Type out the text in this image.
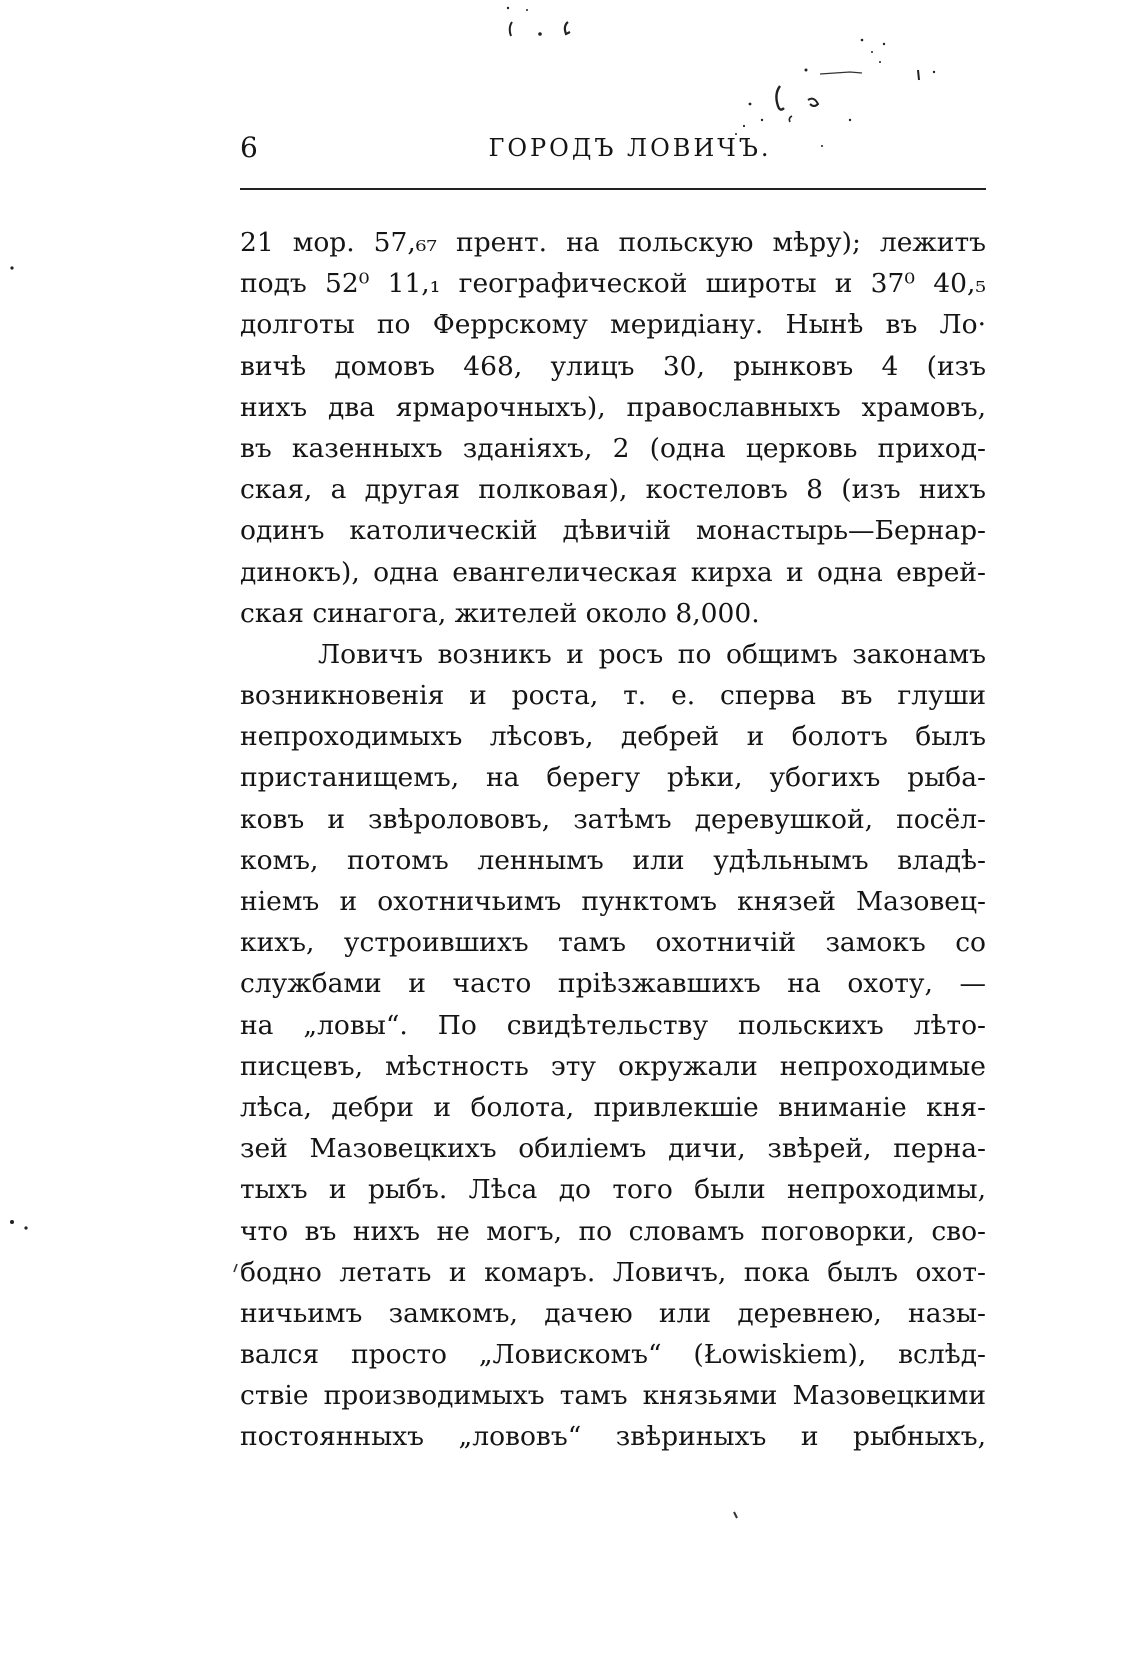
6	ГОРОДЪ ЛОВИЧЪ.
21 мор. 57,₆₇ прент. на польскую мѣру); лежитъ
подъ 52⁰ 11,₁ географической широты и 37⁰ 40,₅
долготы по Феррскому меридіану. Нынѣ въ Ло·
вичѣ домовъ 468, улицъ 30, рынковъ 4 (изъ
нихъ два ярмарочныхъ), православныхъ храмовъ,
въ казенныхъ зданіяхъ, 2 (одна церковь приход-
ская, а другая полковая), костеловъ 8 (изъ нихъ
одинъ католическій дѣвичій монастырь—Бернар-
динокъ), одна евангелическая кирха и одна еврей-
ская синагога, жителей около 8,000.
Ловичъ возникъ и росъ по общимъ законамъ
возникновенія и роста, т. е. сперва въ глуши
непроходимыхъ лѣсовъ, дебрей и болотъ былъ
пристанищемъ, на берегу рѣки, убогихъ рыба-
ковъ и звѣролововъ, затѣмъ деревушкой, посёл-
комъ, потомъ леннымъ или удѣльнымъ владѣ-
ніемъ и охотничьимъ пунктомъ князей Мазовец-
кихъ, устроившихъ тамъ охотничій замокъ со
службами и часто пріѣзжавшихъ на охоту, —
на „ловы“. По свидѣтельству польскихъ лѣто-
писцевъ, мѣстность эту окружали непроходимые
лѣса, дебри и болота, привлекшіе вниманіе кня-
зей Мазовецкихъ обиліемъ дичи, звѣрей, перна-
тыхъ и рыбъ. Лѣса до того были непроходимы,
что въ нихъ не могъ, по словамъ поговорки, сво-
бодно летать и комаръ. Ловичъ, пока былъ охот-
ничьимъ замкомъ, дачею или деревнею, назы-
вался просто „Ловискомъ“ (Łowiskiem), вслѣд-
ствіе производимыхъ тамъ князьями Мазовецкими
постоянныхъ „лововъ“ звѣриныхъ и рыбныхъ,
